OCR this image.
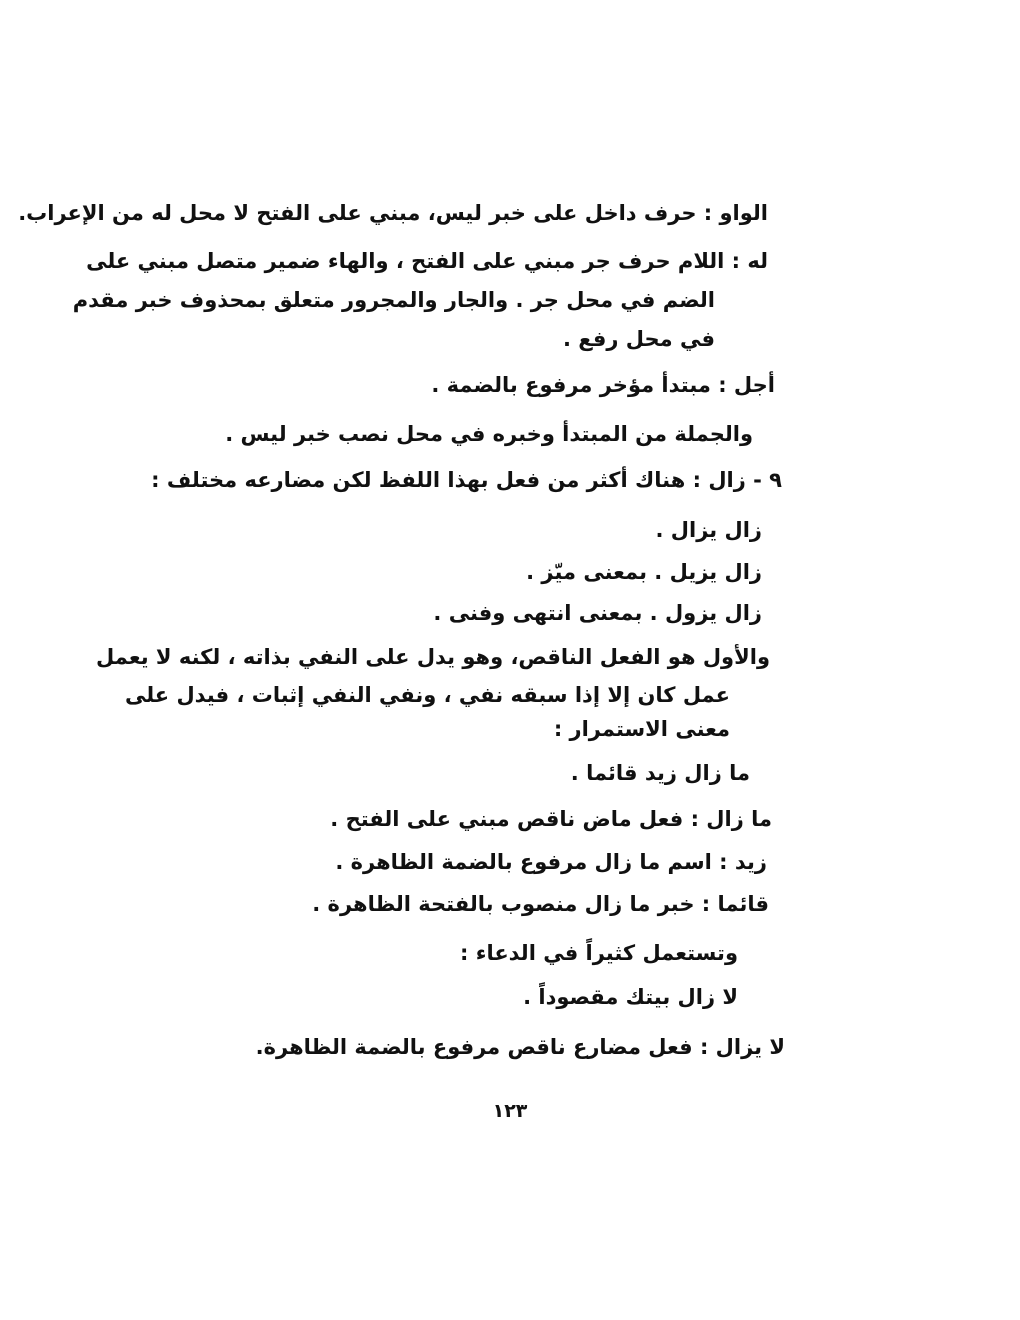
الواو : حرف داخل على خبر ليس، مبني على الفتح لا محل له من الإعراب.
له : اللام حرف جر مبني على الفتح ، والهاء ضمير متصل مبني على
الضم في محل جر . والجار والمجرور متعلق بمحذوف خبر مقدم
في محل رفع .
أجل : مبتدأ مؤخر مرفوع بالضمة .
والجملة من المبتدأ وخبره في محل نصب خبر ليس .
٩ - زال : هناك أكثر من فعل بهذا اللفظ لكن مضارعه مختلف :
زال يزال .
زال يزيل . بمعنى ميّز .
زال يزول . بمعنى انتهى وفنى .
والأول هو الفعل الناقص، وهو يدل على النفي بذاته ، لكنه لا يعمل
عمل كان إلا إذا سبقه نفي ، ونفي النفي إثبات ، فيدل على
معنى الاستمرار :
ما زال زيد قائما .
ما زال : فعل ماض ناقص مبني على الفتح .
زيد : اسم ما زال مرفوع بالضمة الظاهرة .
قائما : خبر ما زال منصوب بالفتحة الظاهرة .
وتستعمل كثيراً في الدعاء :
لا زال بيتك مقصوداً .
لا يزال : فعل مضارع ناقص مرفوع بالضمة الظاهرة.
١٢٣
